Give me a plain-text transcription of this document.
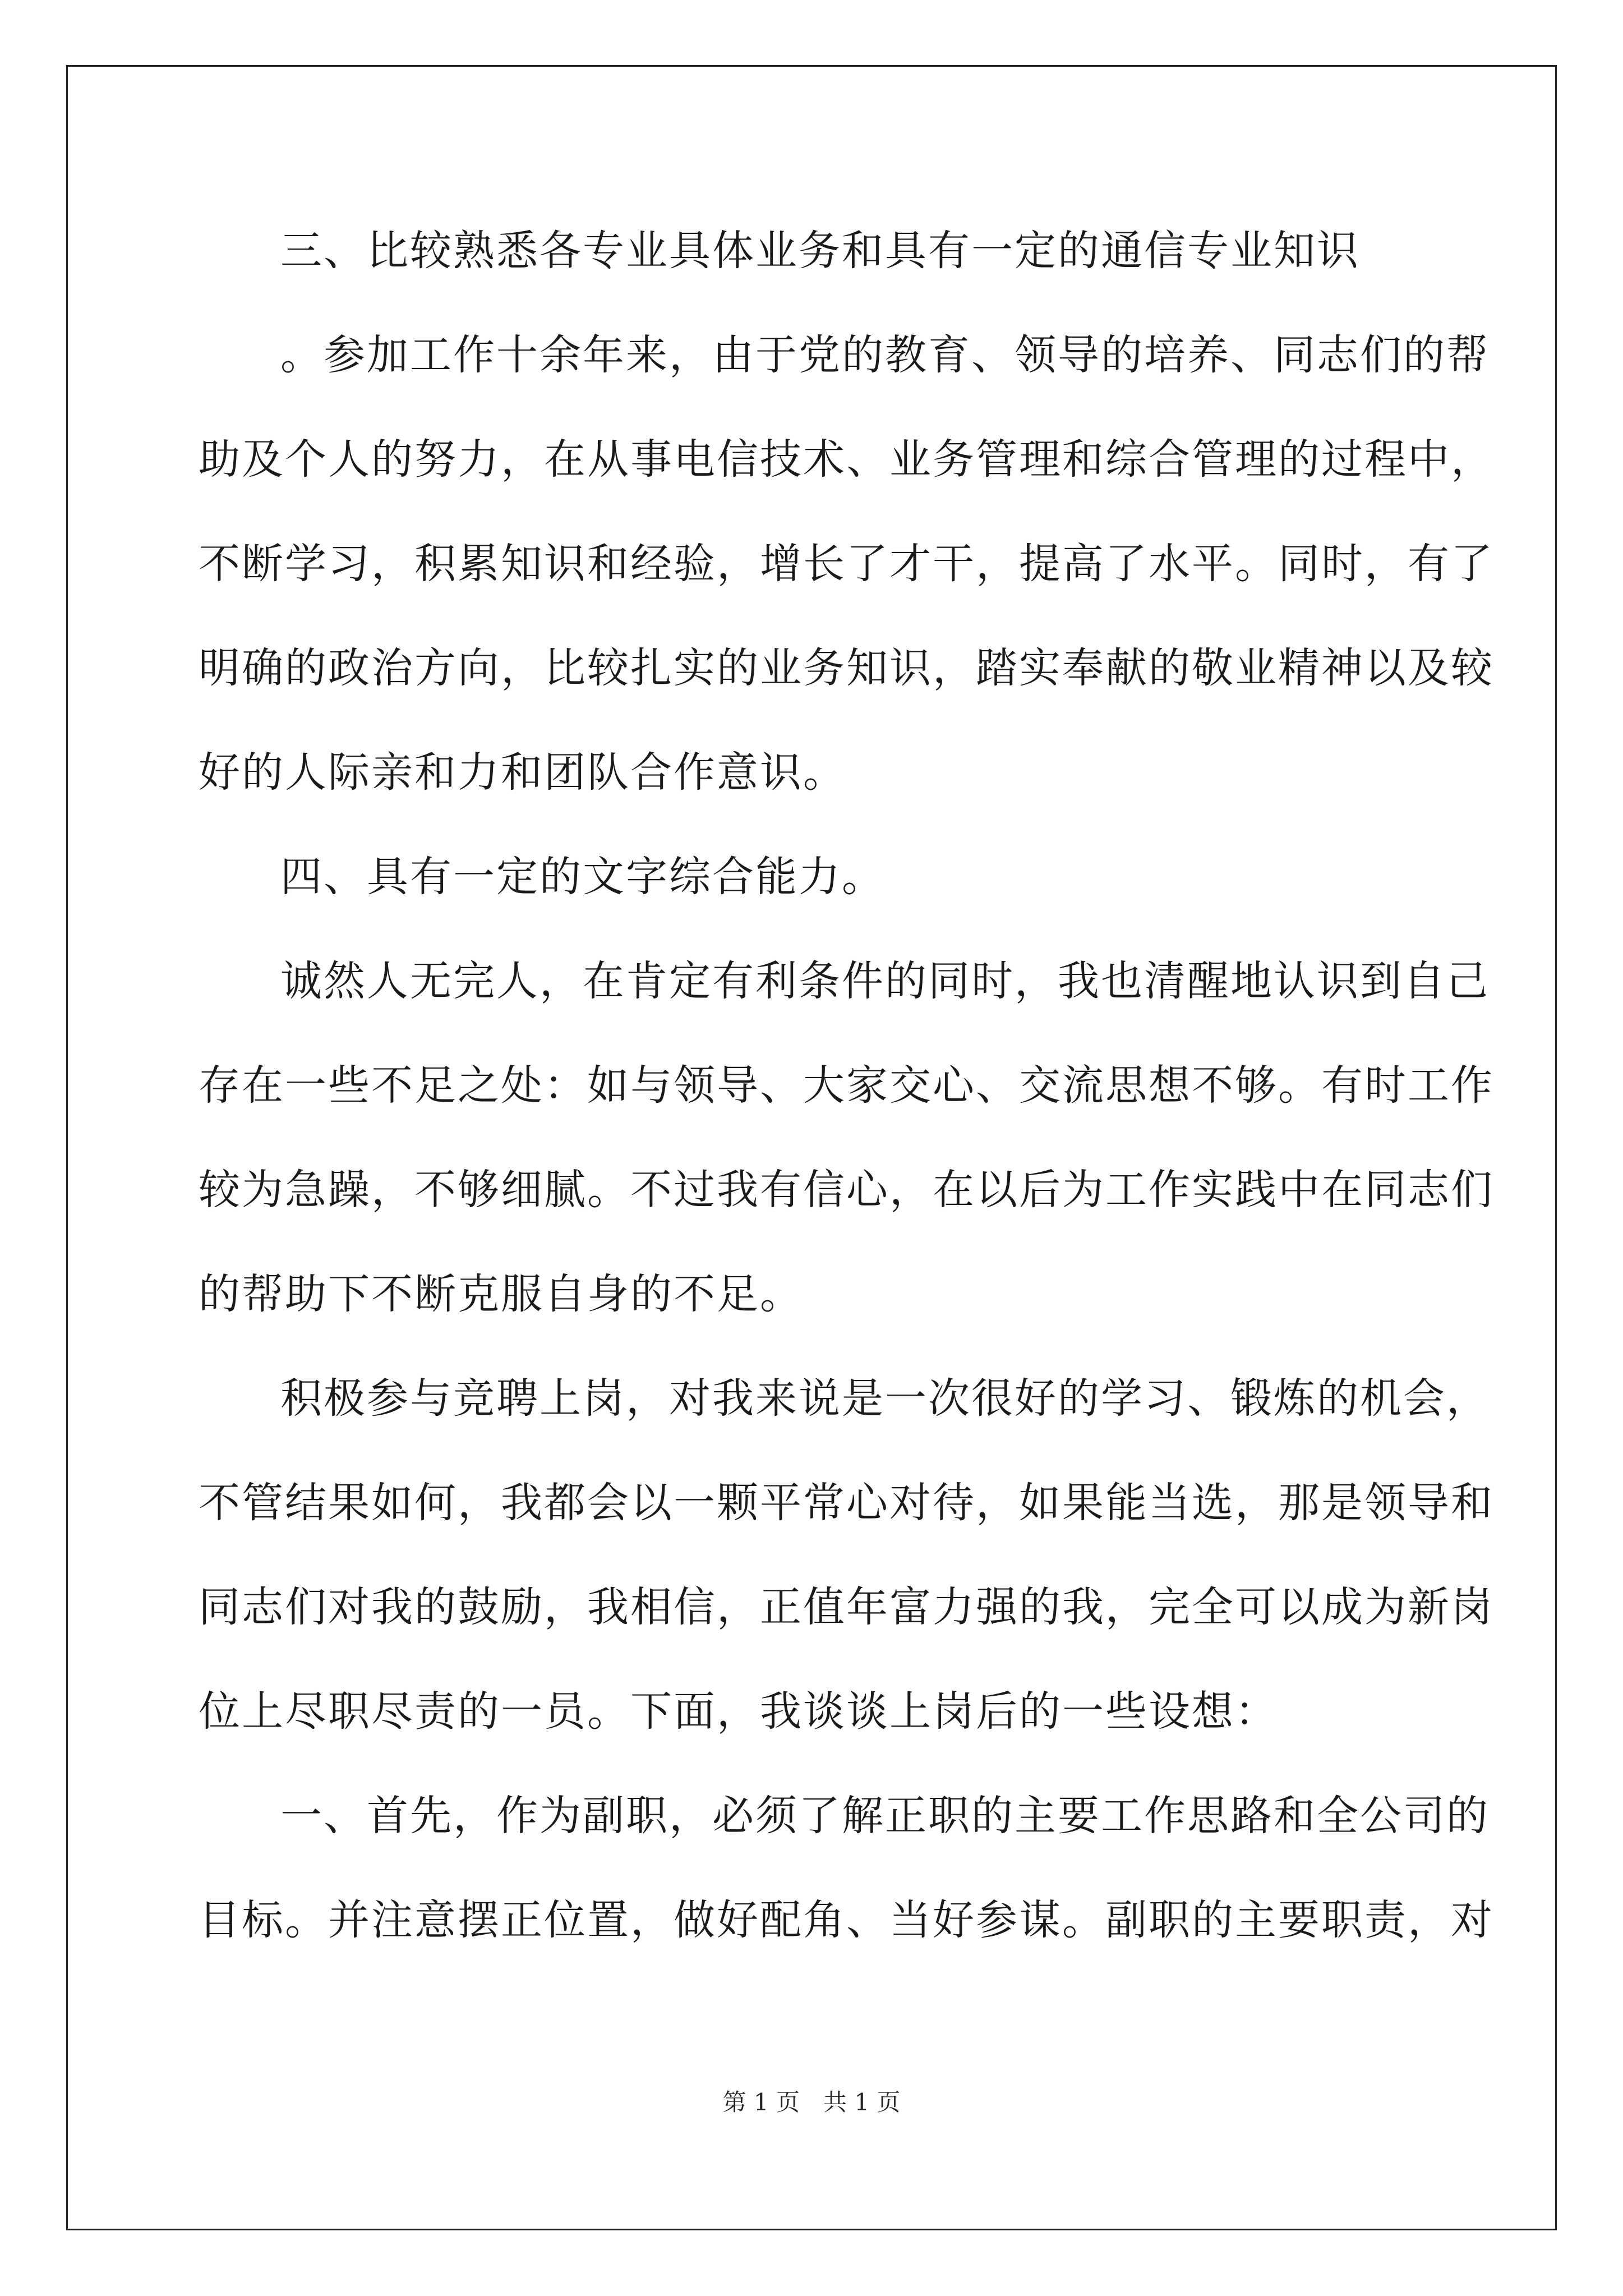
三、比较熟悉各专业具体业务和具有一定的通信专业知识

。参加工作十余年来，由于党的教育、领导的培养、同志们的帮

助及个人的努力，在从事电信技术、业务管理和综合管理的过程中，

不断学习，积累知识和经验，增长了才干，提高了水平。同时，有了

明确的政治方向，比较扎实的业务知识，踏实奉献的敬业精神以及较

好的人际亲和力和团队合作意识。

四、具有一定的文字综合能力。

诚然人无完人，在肯定有利条件的同时，我也清醒地认识到自己

存在一些不足之处：如与领导、大家交心、交流思想不够。有时工作

较为急躁，不够细腻。不过我有信心，在以后为工作实践中在同志们

的帮助下不断克服自身的不足。

积极参与竞聘上岗，对我来说是一次很好的学习、锻炼的机会，

不管结果如何，我都会以一颗平常心对待，如果能当选，那是领导和

同志们对我的鼓励，我相信，正值年富力强的我，完全可以成为新岗

位上尽职尽责的一员。下面，我谈谈上岗后的一些设想：

一、首先，作为副职，必须了解正职的主要工作思路和全公司的

目标。并注意摆正位置，做好配角、当好参谋。副职的主要职责，对

第 1 页　共 1 页
